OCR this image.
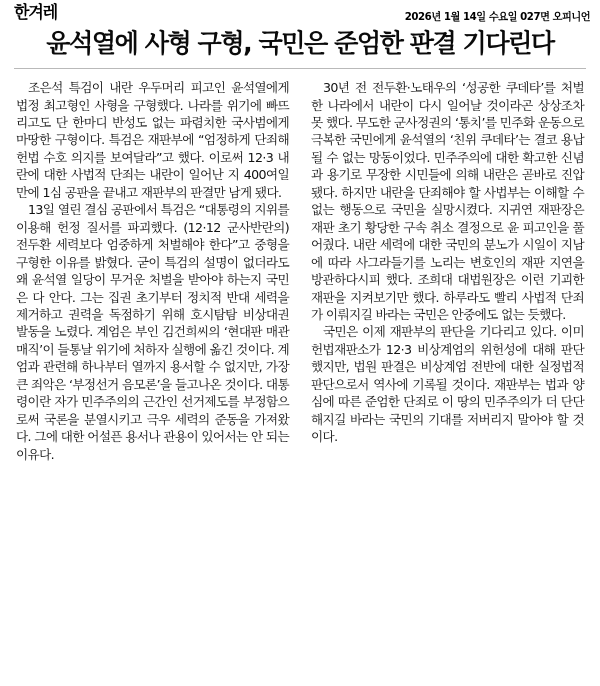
한겨레	2026년 1월 14일 수요일 027면 오피니언
윤석열에 사형 구형, 국민은 준엄한 판결 기다린다

조은석 특검이 내란 우두머리 피고인 윤석열에게 법정 최고형인 사형을 구형했다. 나라를 위기에 빠뜨리고도 단 한마디 반성도 없는 파렴치한 국사범에게 마땅한 구형이다. 특검은 재판부에 “엄정하게 단죄해 헌법 수호 의지를 보여달라”고 했다. 이로써 12·3 내란에 대한 사법적 단죄는 내란이 일어난 지 400여일 만에 1심 공판을 끝내고 재판부의 판결만 남게 됐다.

13일 열린 결심 공판에서 특검은 “대통령의 지위를 이용해 헌정 질서를 파괴했다. (12·12 군사반란의) 전두환 세력보다 엄중하게 처벌해야 한다”고 중형을 구형한 이유를 밝혔다. 굳이 특검의 설명이 없더라도 왜 윤석열 일당이 무거운 처벌을 받아야 하는지 국민은 다 안다. 그는 집권 초기부터 정치적 반대 세력을 제거하고 권력을 독점하기 위해 호시탐탐 비상대권 발동을 노렸다. 계엄은 부인 김건희씨의 ‘현대판 매관매직’이 들통날 위기에 처하자 실행에 옮긴 것이다. 계엄과 관련해 하나부터 열까지 용서할 수 없지만, 가장 큰 죄악은 ‘부정선거 음모론’을 들고나온 것이다. 대통령이란 자가 민주주의의 근간인 선거제도를 부정함으로써 국론을 분열시키고 극우 세력의 준동을 가져왔다. 그에 대한 어설픈 용서나 관용이 있어서는 안 되는 이유다.

30년 전 전두환·노태우의 ‘성공한 쿠데타’를 처벌한 나라에서 내란이 다시 일어날 것이라곤 상상조차 못 했다. 무도한 군사정권의 ‘통치’를 민주화 운동으로 극복한 국민에게 윤석열의 ‘친위 쿠데타’는 결코 용납될 수 없는 망동이었다. 민주주의에 대한 확고한 신념과 용기로 무장한 시민들에 의해 내란은 곧바로 진압됐다. 하지만 내란을 단죄해야 할 사법부는 이해할 수 없는 행동으로 국민을 실망시켰다. 지귀연 재판장은 재판 초기 황당한 구속 취소 결정으로 윤 피고인을 풀어줬다. 내란 세력에 대한 국민의 분노가 시일이 지남에 따라 사그라들기를 노리는 변호인의 재판 지연을 방관하다시피 했다. 조희대 대법원장은 이런 기괴한 재판을 지켜보기만 했다. 하루라도 빨리 사법적 단죄가 이뤄지길 바라는 국민은 안중에도 없는 듯했다.

국민은 이제 재판부의 판단을 기다리고 있다. 이미 헌법재판소가 12·3 비상계엄의 위헌성에 대해 판단했지만, 법원 판결은 비상계엄 전반에 대한 실정법적 판단으로서 역사에 기록될 것이다. 재판부는 법과 양심에 따른 준엄한 단죄로 이 땅의 민주주의가 더 단단해지길 바라는 국민의 기대를 저버리지 말아야 할 것이다.
